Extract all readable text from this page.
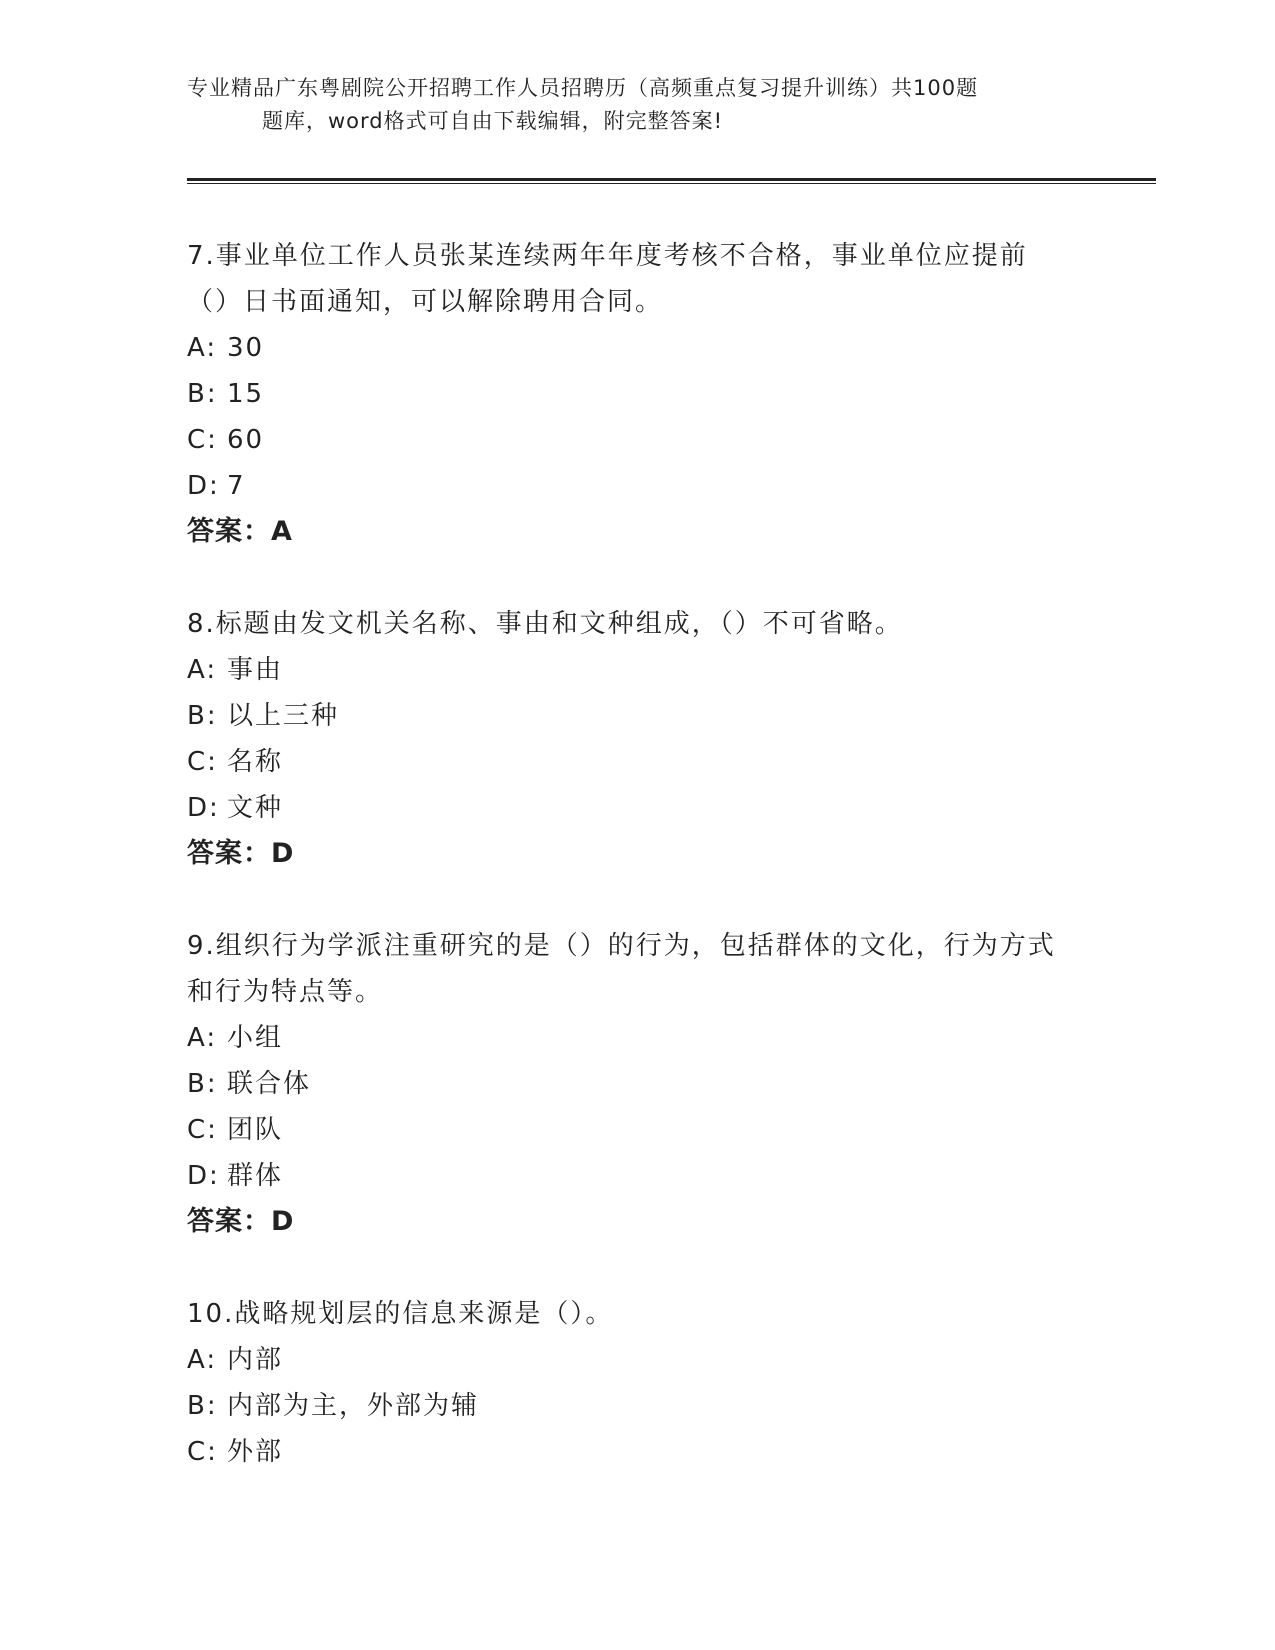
专业精品广东粤剧院公开招聘工作人员招聘历（高频重点复习提升训练）共100题
题库，word格式可自由下载编辑，附完整答案!

7.事业单位工作人员张某连续两年年度考核不合格，事业单位应提前（）日书面通知，可以解除聘用合同。

A: 30

B: 15

C: 60

D: 7

答案：A

8.标题由发文机关名称、事由和文种组成，（）不可省略。

A: 事由

B: 以上三种

C: 名称

D: 文种

答案：D

9.组织行为学派注重研究的是（）的行为，包括群体的文化，行为方式和行为特点等。

A: 小组

B: 联合体

C: 团队

D: 群体

答案：D

10.战略规划层的信息来源是（）。

A: 内部

B: 内部为主，外部为辅

C: 外部
